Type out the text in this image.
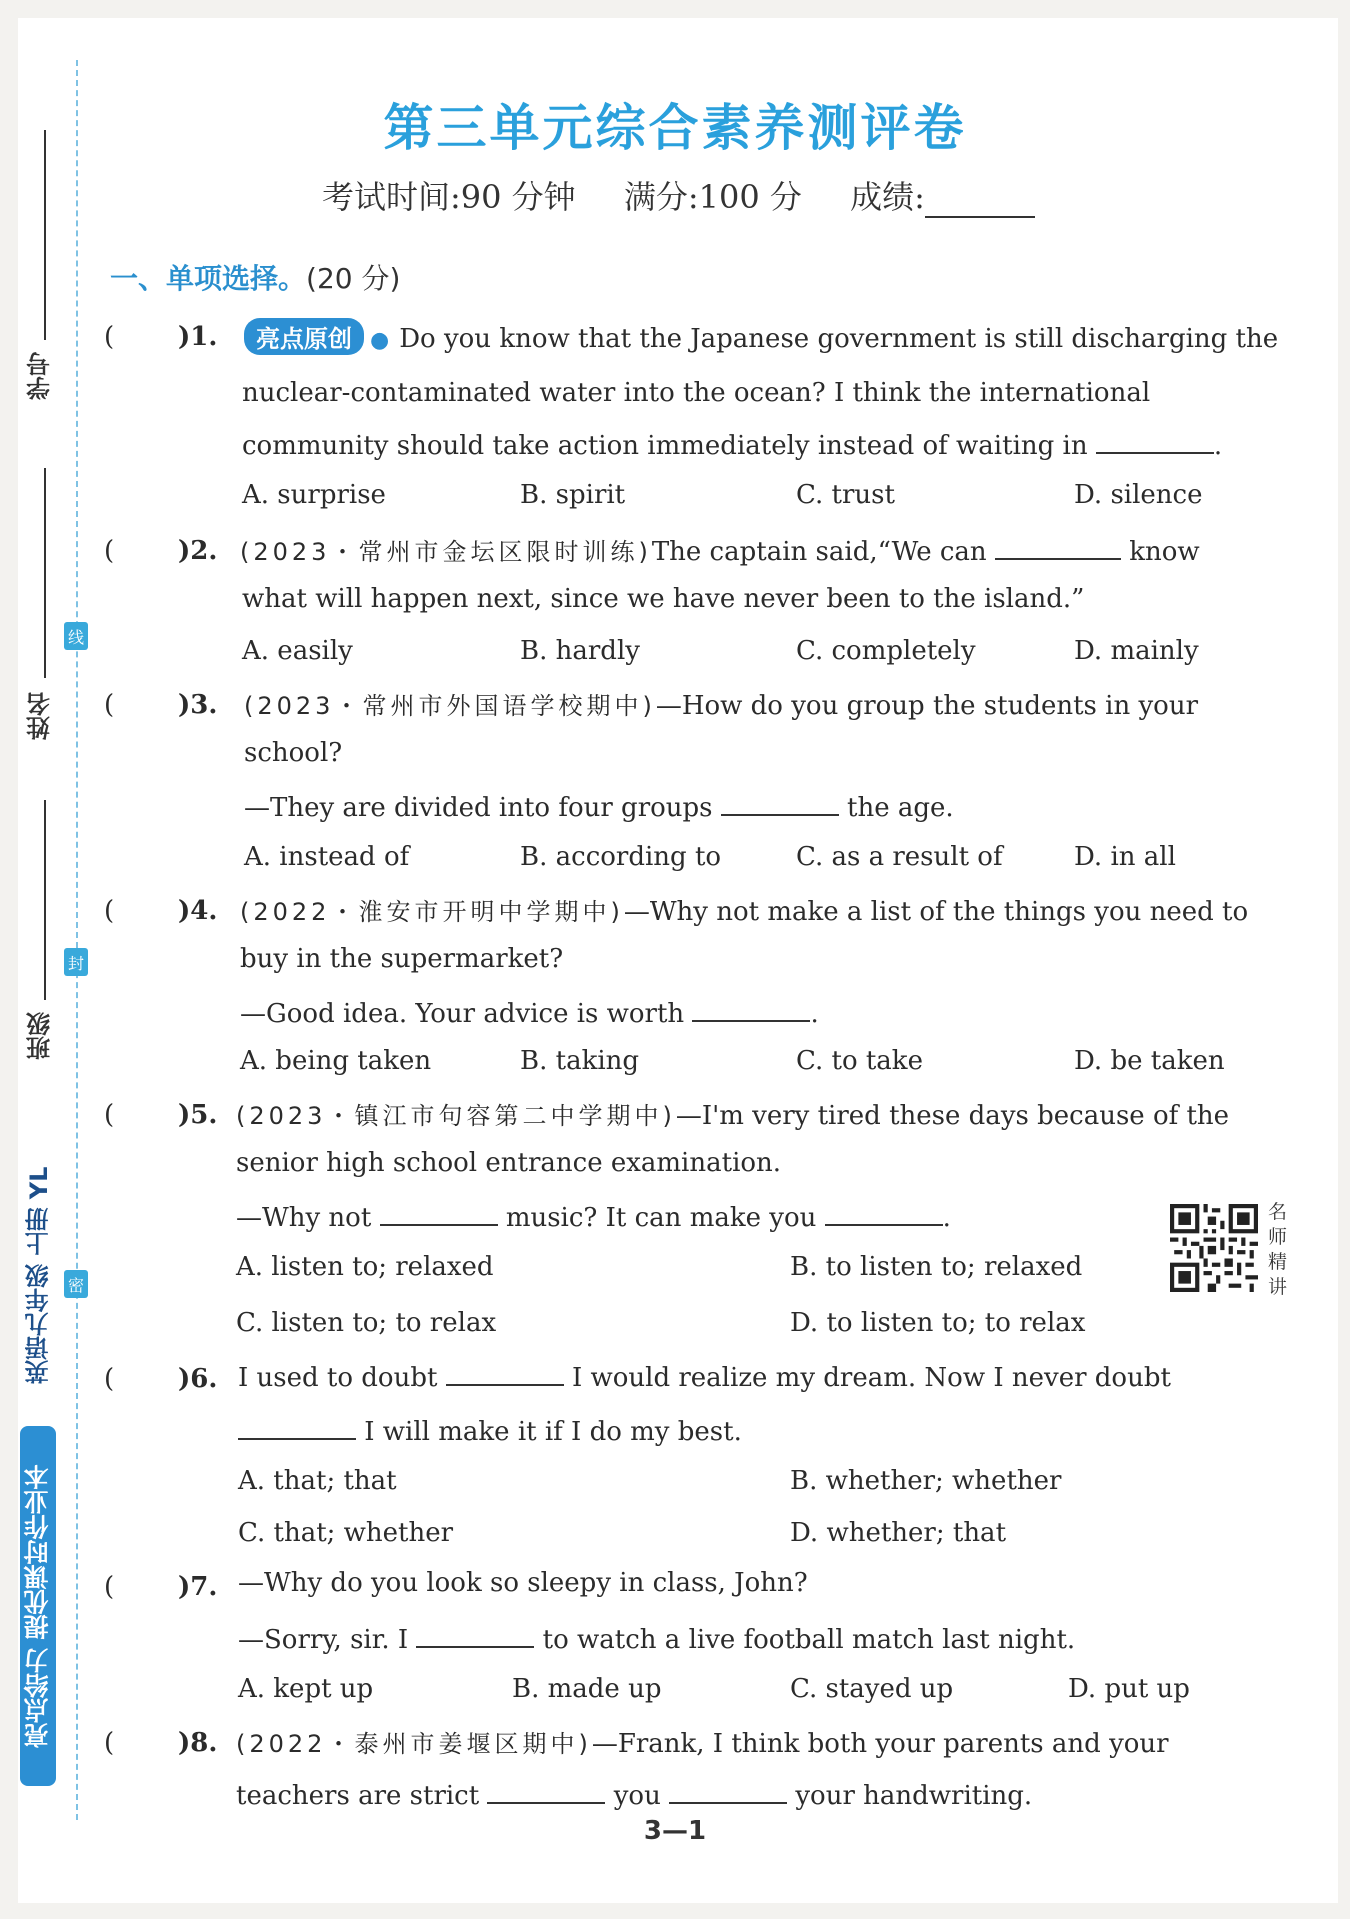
学号
姓名
班级
线
封
密
英语九年级 上册 YL
亮点给力 提优课时作业本
第三单元综合素养测评卷
考试时间:90 分钟 满分:100 分 成绩:
一、单项选择。(20 分)
( )1.	亮点原创 ● Do you know that the Japanese government is still discharging the
nuclear-contaminated water into the ocean? I think the international
community should take action immediately instead of waiting in	.
A. surprise	B. spirit	C. trust	D. silence
( )2. (2023・常州市金坛区限时训练)The captain said,“We can	know
what will happen next, since we have never been to the island.”
A. easily	B. hardly	C. completely	D. mainly
( )3. (2023・常州市外国语学校期中)—How do you group the students in your
school?
—They are divided into four groups	the age.
A. instead of	B. according to	C. as a result of	D. in all
( )4. (2022・淮安市开明中学期中)—Why not make a list of the things you need to
buy in the supermarket?
—Good idea. Your advice is worth	.
A. being taken	B. taking	C. to take	D. be taken
( )5. (2023・镇江市句容第二中学期中)—I'm very tired these days because of the
senior high school entrance examination.
—Why not	music? It can make you	.
A. listen to; relaxed	B. to listen to; relaxed
C. listen to; to relax	D. to listen to; to relax
名师精讲
( )6. I used to doubt	I would realize my dream. Now I never doubt
I will make it if I do my best.
A. that; that	B. whether; whether
C. that; whether	D. whether; that
( )7. —Why do you look so sleepy in class, John?
—Sorry, sir. I	to watch a live football match last night.
A. kept up	B. made up	C. stayed up	D. put up
( )8. (2022・泰州市姜堰区期中)—Frank, I think both your parents and your
teachers are strict	you	your handwriting.
3—1
